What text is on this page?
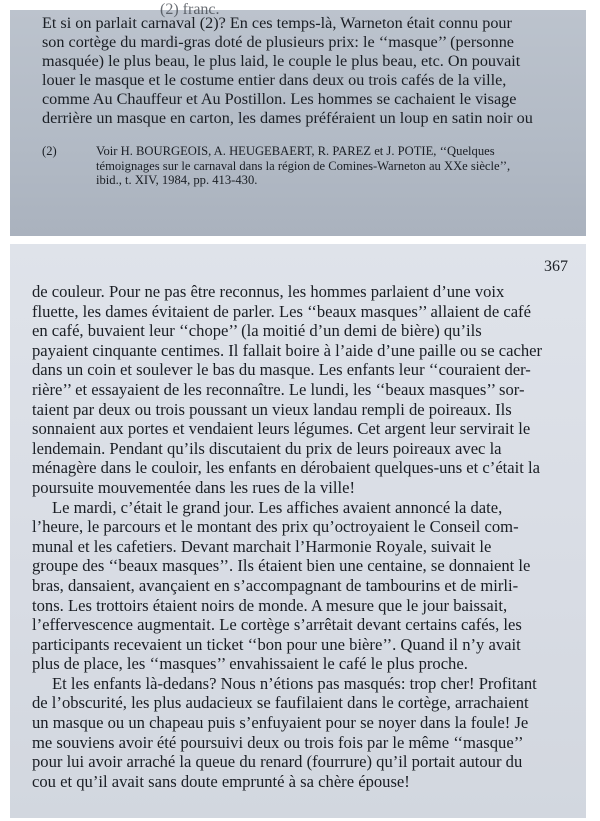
(2) franc.
Et si on parlait carnaval (2)? En ces temps-là, Warneton était connu pour
son cortège du mardi-gras doté de plusieurs prix: le ‘‘masque’’ (personne
masquée) le plus beau, le plus laid, le couple le plus beau, etc. On pouvait
louer le masque et le costume entier dans deux ou trois cafés de la ville,
comme Au Chauffeur et Au Postillon. Les hommes se cachaient le visage
derrière un masque en carton, les dames préféraient un loup en satin noir ou
(2)	Voir H. BOURGEOIS, A. HEUGEBAERT, R. PAREZ et J. POTIE, ‘‘Quelques
témoignages sur le carnaval dans la région de Comines-Warneton au XXe siècle’’,
ibid., t. XIV, 1984, pp. 413-430.
367

de couleur. Pour ne pas être reconnus, les hommes parlaient d’une voix
fluette, les dames évitaient de parler. Les ‘‘beaux masques’’ allaient de café
en café, buvaient leur ‘‘chope’’ (la moitié d’un demi de bière) qu’ils
payaient cinquante centimes. Il fallait boire à l’aide d’une paille ou se cacher
dans un coin et soulever le bas du masque. Les enfants leur ‘‘couraient der-
rière’’ et essayaient de les reconnaître. Le lundi, les ‘‘beaux masques’’ sor-
taient par deux ou trois poussant un vieux landau rempli de poireaux. Ils
sonnaient aux portes et vendaient leurs légumes. Cet argent leur servirait le
lendemain. Pendant qu’ils discutaient du prix de leurs poireaux avec la
ménagère dans le couloir, les enfants en dérobaient quelques-uns et c’était la
poursuite mouvementée dans les rues de la ville!

Le mardi, c’était le grand jour. Les affiches avaient annoncé la date,
l’heure, le parcours et le montant des prix qu’octroyaient le Conseil com-
munal et les cafetiers. Devant marchait l’Harmonie Royale, suivait le
groupe des ‘‘beaux masques’’. Ils étaient bien une centaine, se donnaient le
bras, dansaient, avançaient en s’accompagnant de tambourins et de mirli-
tons. Les trottoirs étaient noirs de monde. A mesure que le jour baissait,
l’effervescence augmentait. Le cortège s’arrêtait devant certains cafés, les
participants recevaient un ticket ‘‘bon pour une bière’’. Quand il n’y avait
plus de place, les ‘‘masques’’ envahissaient le café le plus proche.

Et les enfants là-dedans? Nous n’étions pas masqués: trop cher! Profitant
de l’obscurité, les plus audacieux se faufilaient dans le cortège, arrachaient
un masque ou un chapeau puis s’enfuyaient pour se noyer dans la foule! Je
me souviens avoir été poursuivi deux ou trois fois par le même ‘‘masque’’
pour lui avoir arraché la queue du renard (fourrure) qu’il portait autour du
cou et qu’il avait sans doute emprunté à sa chère épouse!
